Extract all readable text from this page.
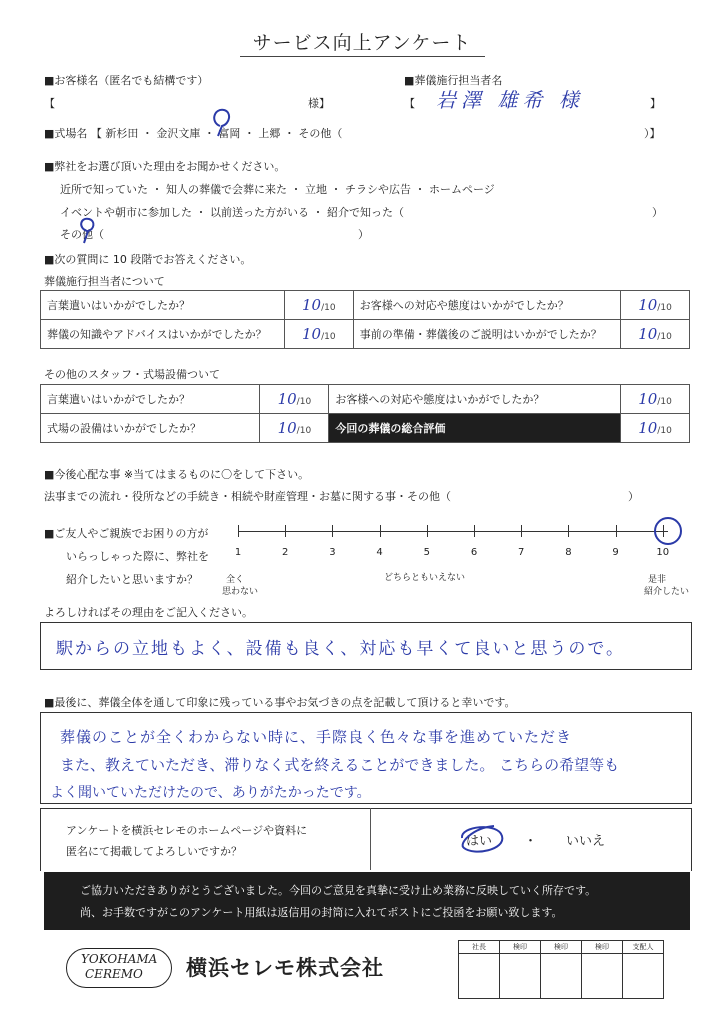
サービス向上アンケート
■お客様名（匿名でも結構です）
【	様】
■葬儀施行担当者名
【 岩澤 雄希 様	】
■式場名 【 新杉田 ・ 金沢文庫 ・ 富岡 ・ 上郷 ・ その他（	）】
■弊社をお選び頂いた理由をお聞かせください。
近所で知っていた ・ 知人の葬儀で会葬に来た ・ 立地 ・ チラシや広告 ・ ホームページ
イベントや朝市に参加した ・ 以前送った方がいる ・ 紹介で知った（	）
その他（	）
■次の質問に 10 段階でお答えください。
葬儀施行担当者について
言葉遣いはいかがでしたか？	10/10	お客様への対応や態度はいかがでしたか？	10/10
葬儀の知識やアドバイスはいかがでしたか？	10/10	事前の準備・葬儀後のご説明はいかがでしたか？	10/10
その他のスタッフ・式場設備ついて
言葉遣いはいかがでしたか？	10/10	お客様への対応や態度はいかがでしたか？	10/10
式場の設備はいかがでしたか？	10/10	今回の葬儀の総合評価	10/10
■今後心配な事 ※当てはまるものに〇をして下さい。
法事までの流れ・役所などの手続き・相続や財産管理・お墓に関する事・その他（	）
■ご友人やご親族でお困りの方が
いらっしゃった際に、弊社を
紹介したいと思いますか？
1	2	3	4	5	6	7	8	9	10
全く
思わない
どちらともいえない	是非
紹介したい
よろしければその理由をご記入ください。
駅からの立地もよく、設備も良く、対応も早くて良いと思うので。
■最後に、葬儀全体を通して印象に残っている事やお気づきの点を記載して頂けると幸いです。
葬儀のことが全くわからない時に、手際良く色々な事を進めていただき
また、教えていただき、滞りなく式を終えることができました。 こちらの希望等も
よく聞いていただけたので、ありがたかったです。
アンケートを横浜セレモのホームページや資料に
匿名にて掲載してよろしいですか？
はい ・ いいえ
ご協力いただきありがとうございました。今回のご意見を真摯に受け止め業務に反映していく所存です。
尚、お手数ですがこのアンケート用紙は返信用の封筒に入れてポストにご投函をお願い致します。
YOKOHAMA
CEREMO 横浜セレモ株式会社
社長	検印	検印	検印	支配人
